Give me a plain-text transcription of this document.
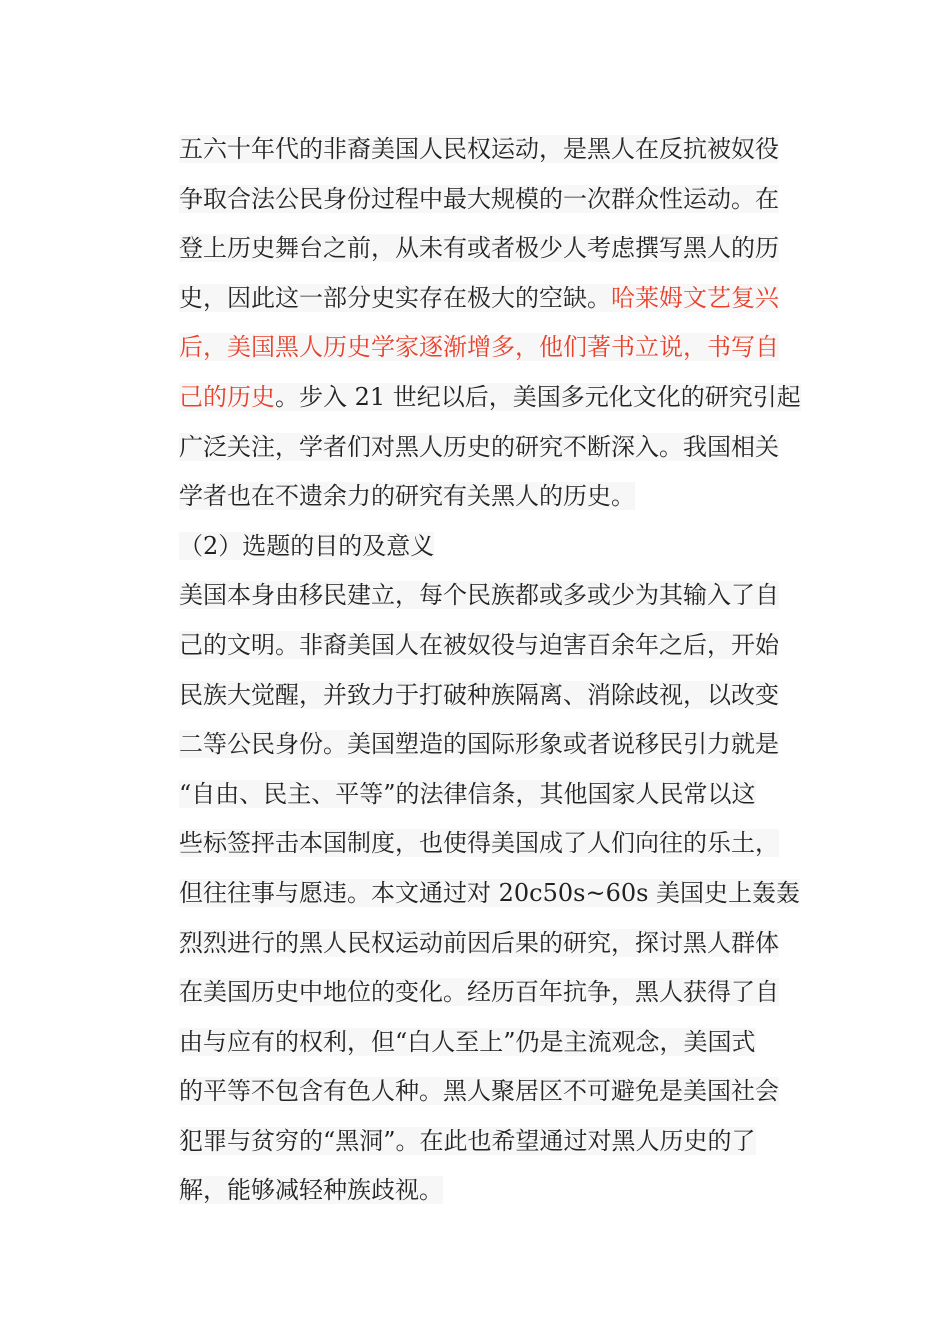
五六十年代的非裔美国人民权运动，是黑人在反抗被奴役
争取合法公民身份过程中最大规模的一次群众性运动。在
登上历史舞台之前，从未有或者极少人考虑撰写黑人的历
史，因此这一部分史实存在极大的空缺。哈莱姆文艺复兴
后，美国黑人历史学家逐渐增多，他们著书立说，书写自
己的历史。步入 21 世纪以后，美国多元化文化的研究引起
广泛关注，学者们对黑人历史的研究不断深入。我国相关
学者也在不遗余力的研究有关黑人的历史。
（2）选题的目的及意义
美国本身由移民建立，每个民族都或多或少为其输入了自
己的文明。非裔美国人在被奴役与迫害百余年之后，开始
民族大觉醒，并致力于打破种族隔离、消除歧视，以改变
二等公民身份。美国塑造的国际形象或者说移民引力就是
“自由、民主、平等”的法律信条，其他国家人民常以这
些标签抨击本国制度，也使得美国成了人们向往的乐土，
但往往事与愿违。本文通过对 20c50s~60s 美国史上轰轰
烈烈进行的黑人民权运动前因后果的研究，探讨黑人群体
在美国历史中地位的变化。经历百年抗争，黑人获得了自
由与应有的权利，但“白人至上”仍是主流观念，美国式
的平等不包含有色人种。黑人聚居区不可避免是美国社会
犯罪与贫穷的“黑洞”。在此也希望通过对黑人历史的了
解，能够减轻种族歧视。
